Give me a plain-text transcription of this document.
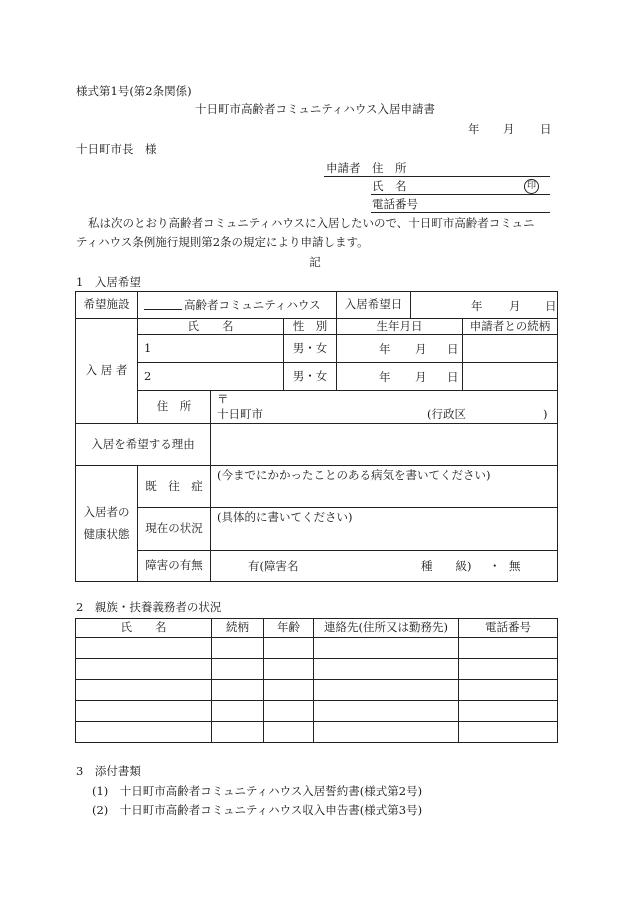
様式第1号(第2条関係)
十日町市高齢者コミュニティハウス入居申請書
年 月 日
十日町市長　様
申請者 住　所
氏　名	印
電話番号
私は次のとおり高齢者コミュニティハウスに入居したいので、十日町市高齢者コミュニ
ティハウス条例施行規則第2条の規定により申請します。
記
1　入居希望
希望施設	高齢者コミュニティハウス			入居希望日	年 月 日	

入 居 者	氏　　名		性　別	生年月日		申請者との続柄
	1		男・女	年 月 日		

	2		男・女	年 月 日		

	住　所	〒
十日町市 (行政区 )				

入居を希望する理由						
入居者の
健康状態	既　往　症	(今までにかかったことのある病気を書いてください)				
	現在の状況	(具体的に書いてください)				
	障害の有無	有(障害名 種　　級) ・ 無				
2　親族・扶養義務者の状況
氏　　名	続柄	年齢	連絡先(住所又は勤務先)	電話番号

3　添付書類
(1)　十日町市高齢者コミュニティハウス入居誓約書(様式第2号)
(2)　十日町市高齢者コミュニティハウス収入申告書(様式第3号)
